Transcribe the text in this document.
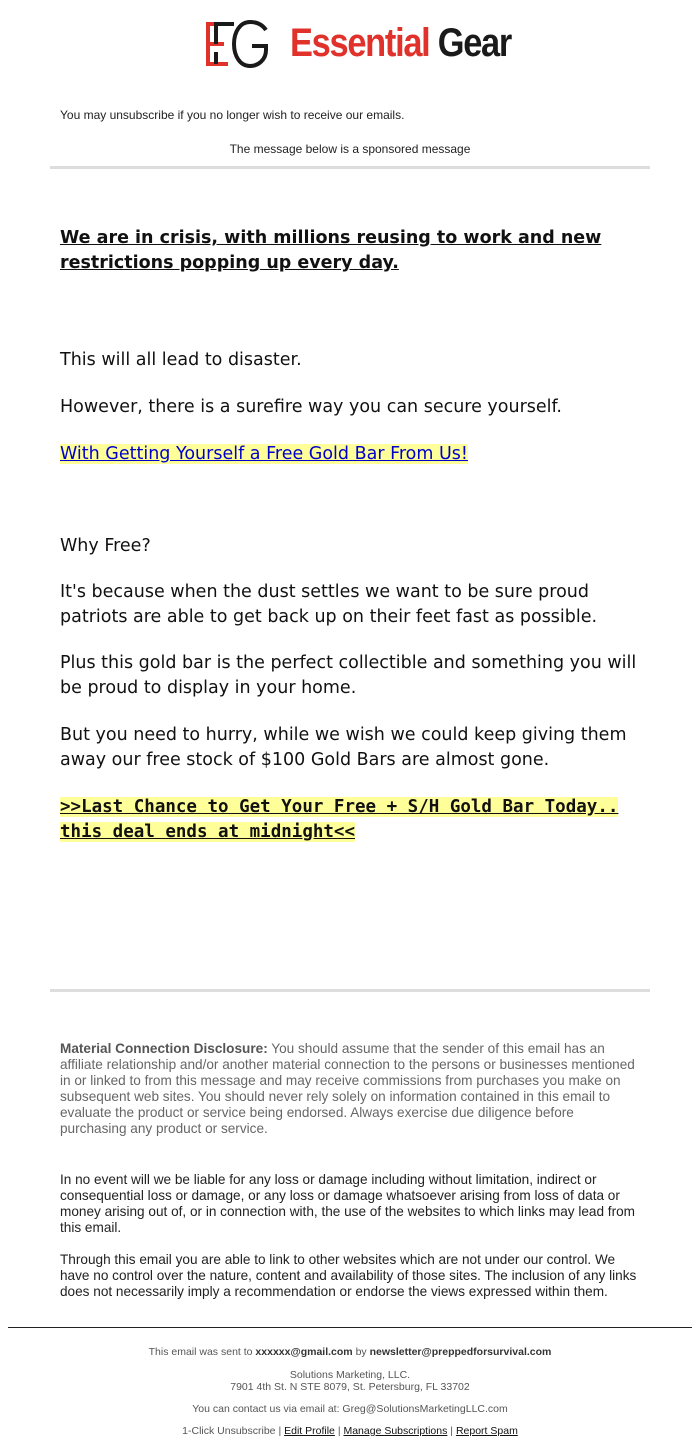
Essential Gear
You may unsubscribe if you no longer wish to receive our emails.
The message below is a sponsored message
We are in crisis, with millions reusing to work and new restrictions popping up every day.
This will all lead to disaster.
However, there is a surefire way you can secure yourself.
With Getting Yourself a Free Gold Bar From Us!
Why Free?
It's because when the dust settles we want to be sure proud patriots are able to get back up on their feet fast as possible.
Plus this gold bar is the perfect collectible and something you will be proud to display in your home.
But you need to hurry, while we wish we could keep giving them away our free stock of $100 Gold Bars are almost gone.
>>Last Chance to Get Your Free + S/H Gold Bar Today.. this deal ends at midnight<<
Material Connection Disclosure: You should assume that the sender of this email has an affiliate relationship and/or another material connection to the persons or businesses mentioned in or linked to from this message and may receive commissions from purchases you make on subsequent web sites. You should never rely solely on information contained in this email to evaluate the product or service being endorsed. Always exercise due diligence before purchasing any product or service.
In no event will we be liable for any loss or damage including without limitation, indirect or consequential loss or damage, or any loss or damage whatsoever arising from loss of data or money arising out of, or in connection with, the use of the websites to which links may lead from this email.
Through this email you are able to link to other websites which are not under our control. We have no control over the nature, content and availability of those sites. The inclusion of any links does not necessarily imply a recommendation or endorse the views expressed within them.
This email was sent to xxxxxx@gmail.com by newsletter@preppedforsurvival.com
Solutions Marketing, LLC.
7901 4th St. N STE 8079, St. Petersburg, FL 33702
You can contact us via email at: Greg@SolutionsMarketingLLC.com
1-Click Unsubscribe | Edit Profile | Manage Subscriptions | Report Spam
